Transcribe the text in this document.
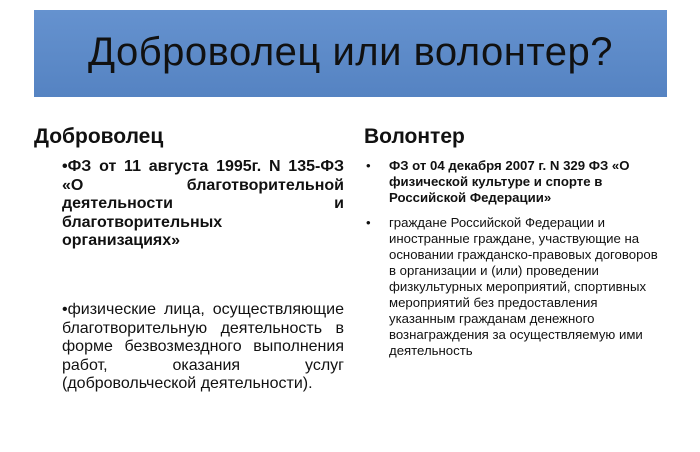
Доброволец или волонтер?
Доброволец
•ФЗ от 11 августа 1995г. N 135-ФЗ «О благотворительной деятельности и благотворительных организациях»
•физические лица, осуществляющие благотворительную деятельность в форме безвозмездного выполнения работ, оказания услуг (добровольческой деятельности).
Волонтер
• ФЗ от 04 декабря 2007 г. N 329 ФЗ «О физической культуре и спорте в Российской Федерации»
• граждане Российской Федерации и иностранные граждане, участвующие на основании гражданско-правовых договоров в организации и (или) проведении физкультурных мероприятий, спортивных мероприятий без предоставления указанным гражданам денежного вознаграждения за осуществляемую ими деятельность
